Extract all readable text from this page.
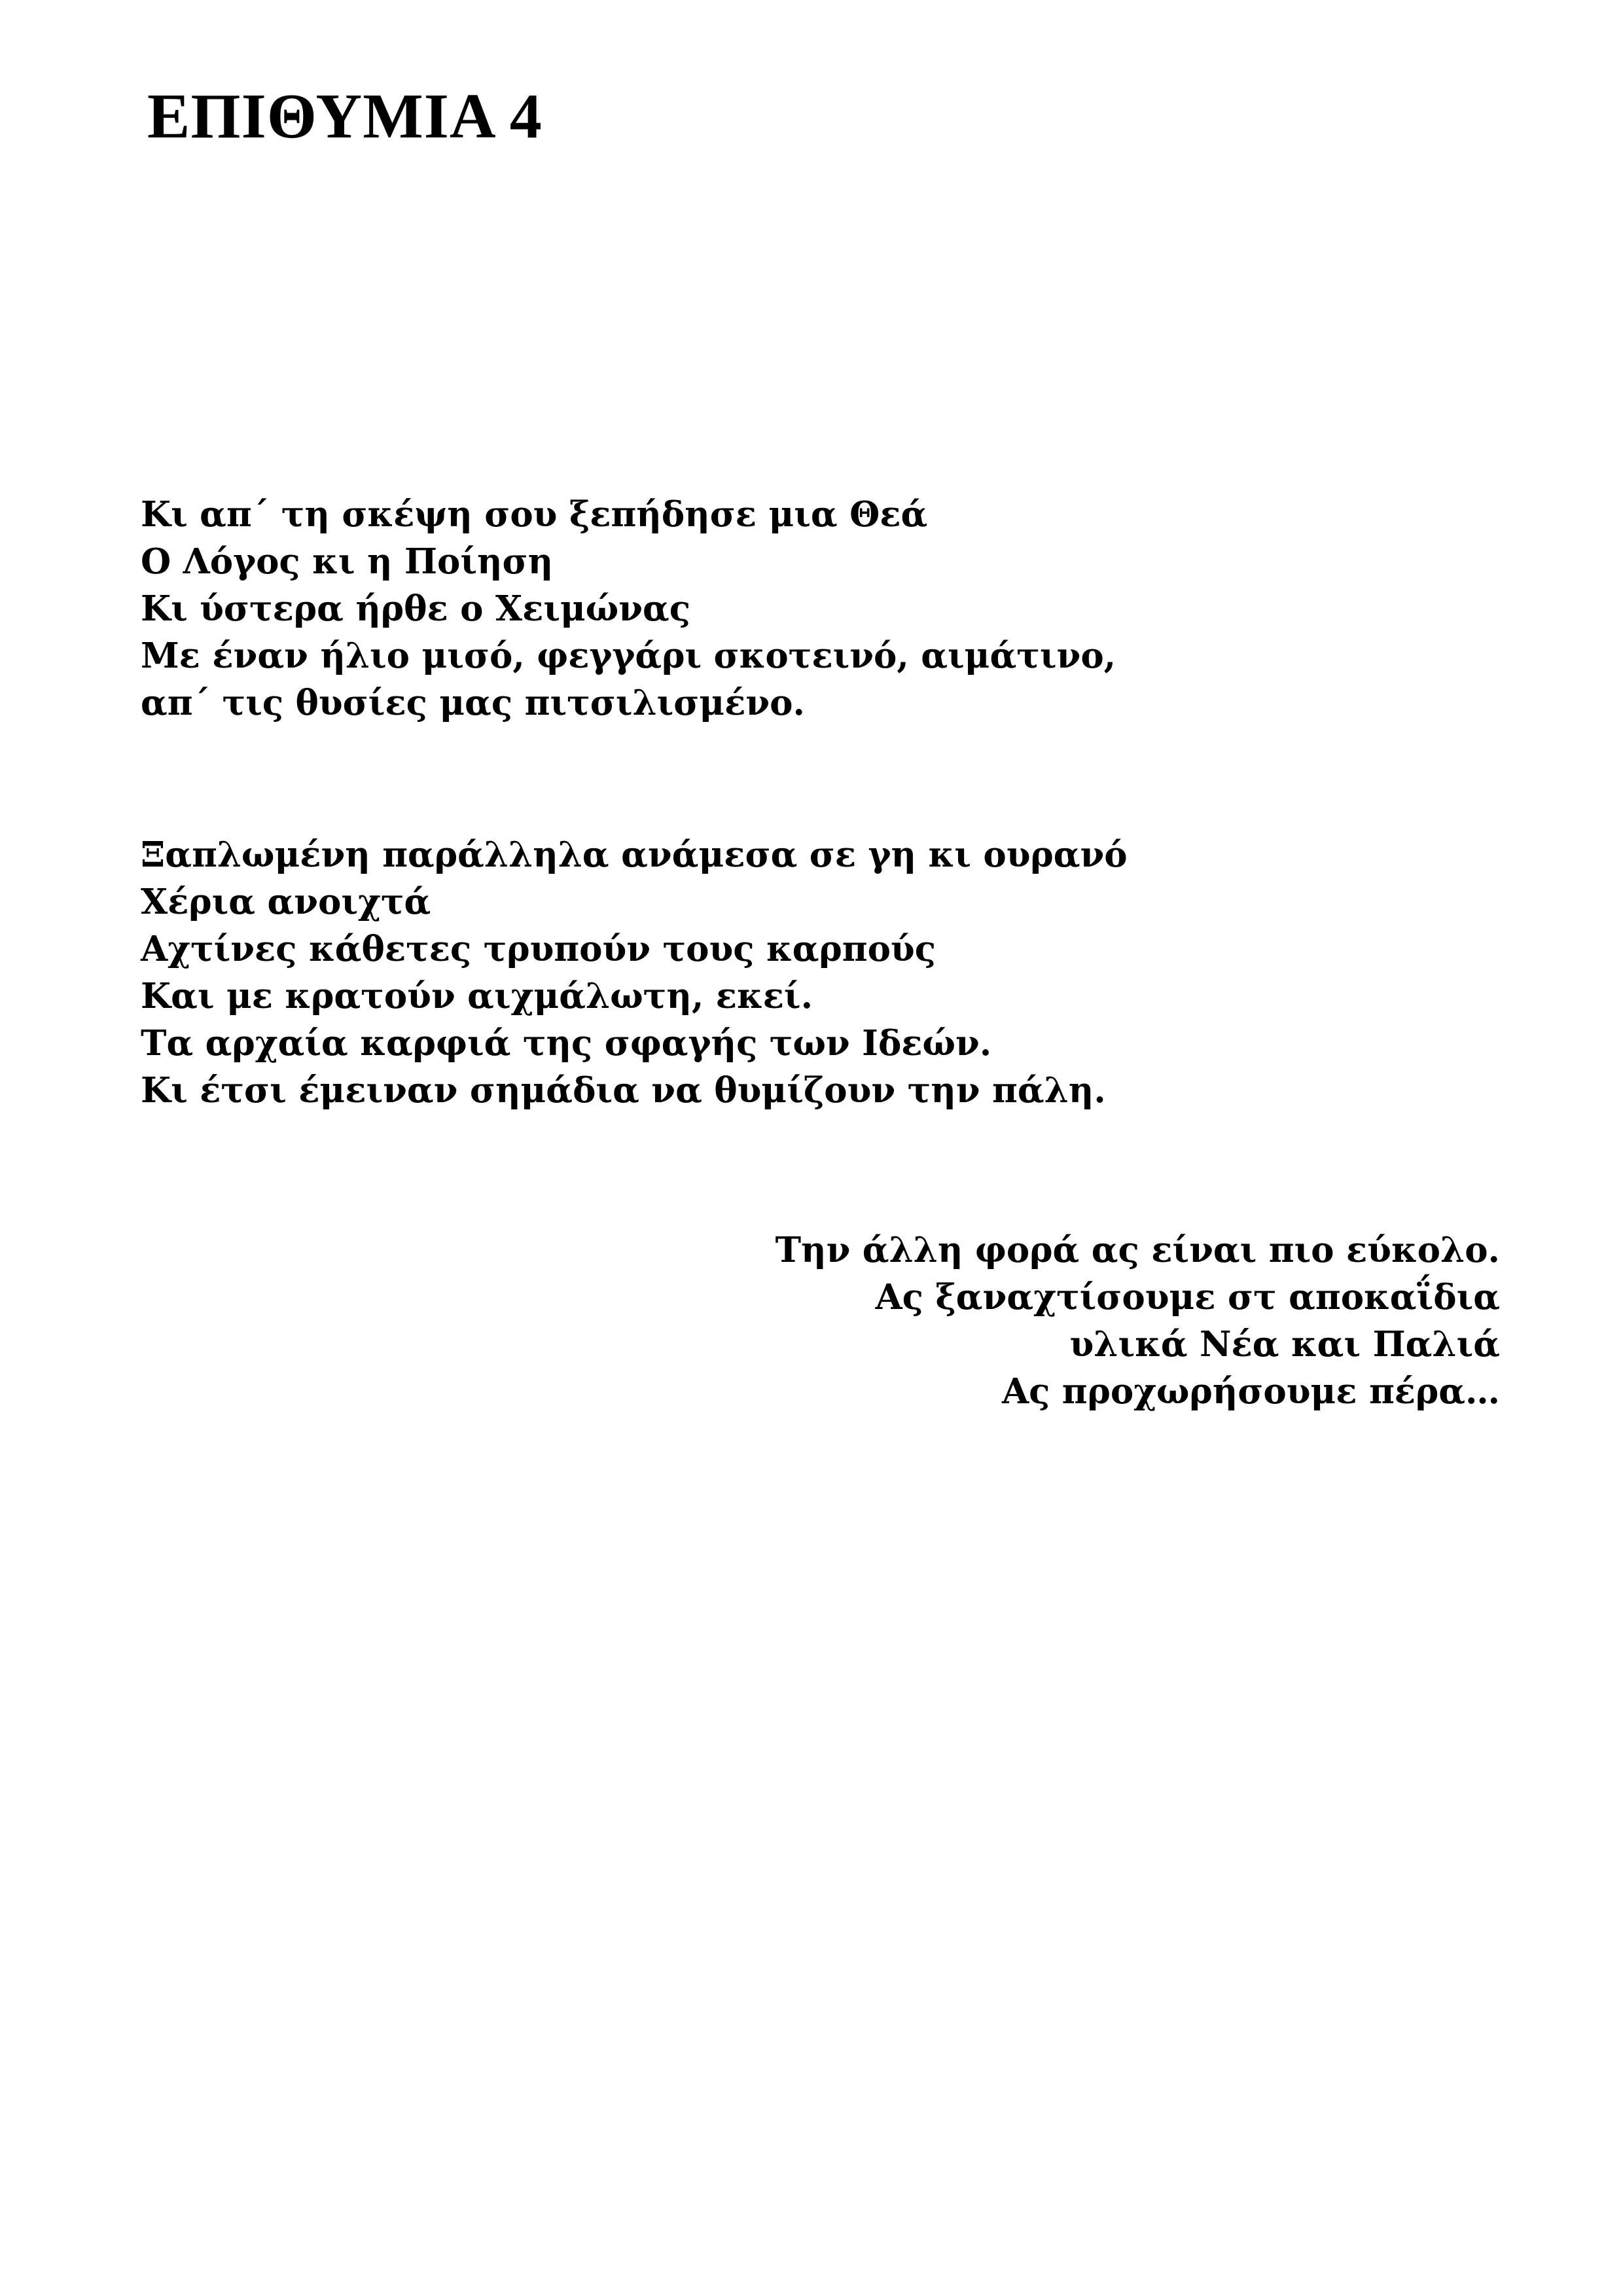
ΕΠΙΘΥΜΙΑ 4
Κι απ΄ τη σκέψη σου ξεπήδησε μια Θεά
Ο Λόγος κι η Ποίηση
Κι ύστερα ήρθε ο Χειμώνας
Με έναν ήλιο μισό, φεγγάρι σκοτεινό, αιμάτινο,
απ΄ τις θυσίες μας πιτσιλισμένο.
Ξαπλωμένη παράλληλα ανάμεσα σε γη κι ουρανό
Χέρια ανοιχτά
Αχτίνες κάθετες τρυπούν τους καρπούς
Και με κρατούν αιχμάλωτη, εκεί.
Τα αρχαία καρφιά της σφαγής των Ιδεών.
Κι έτσι έμειναν σημάδια να θυμίζουν την πάλη.
Την άλλη φορά ας είναι πιο εύκολο.
Ας ξαναχτίσουμε στ αποκαΐδια
υλικά Νέα και Παλιά
Ας προχωρήσουμε πέρα…
